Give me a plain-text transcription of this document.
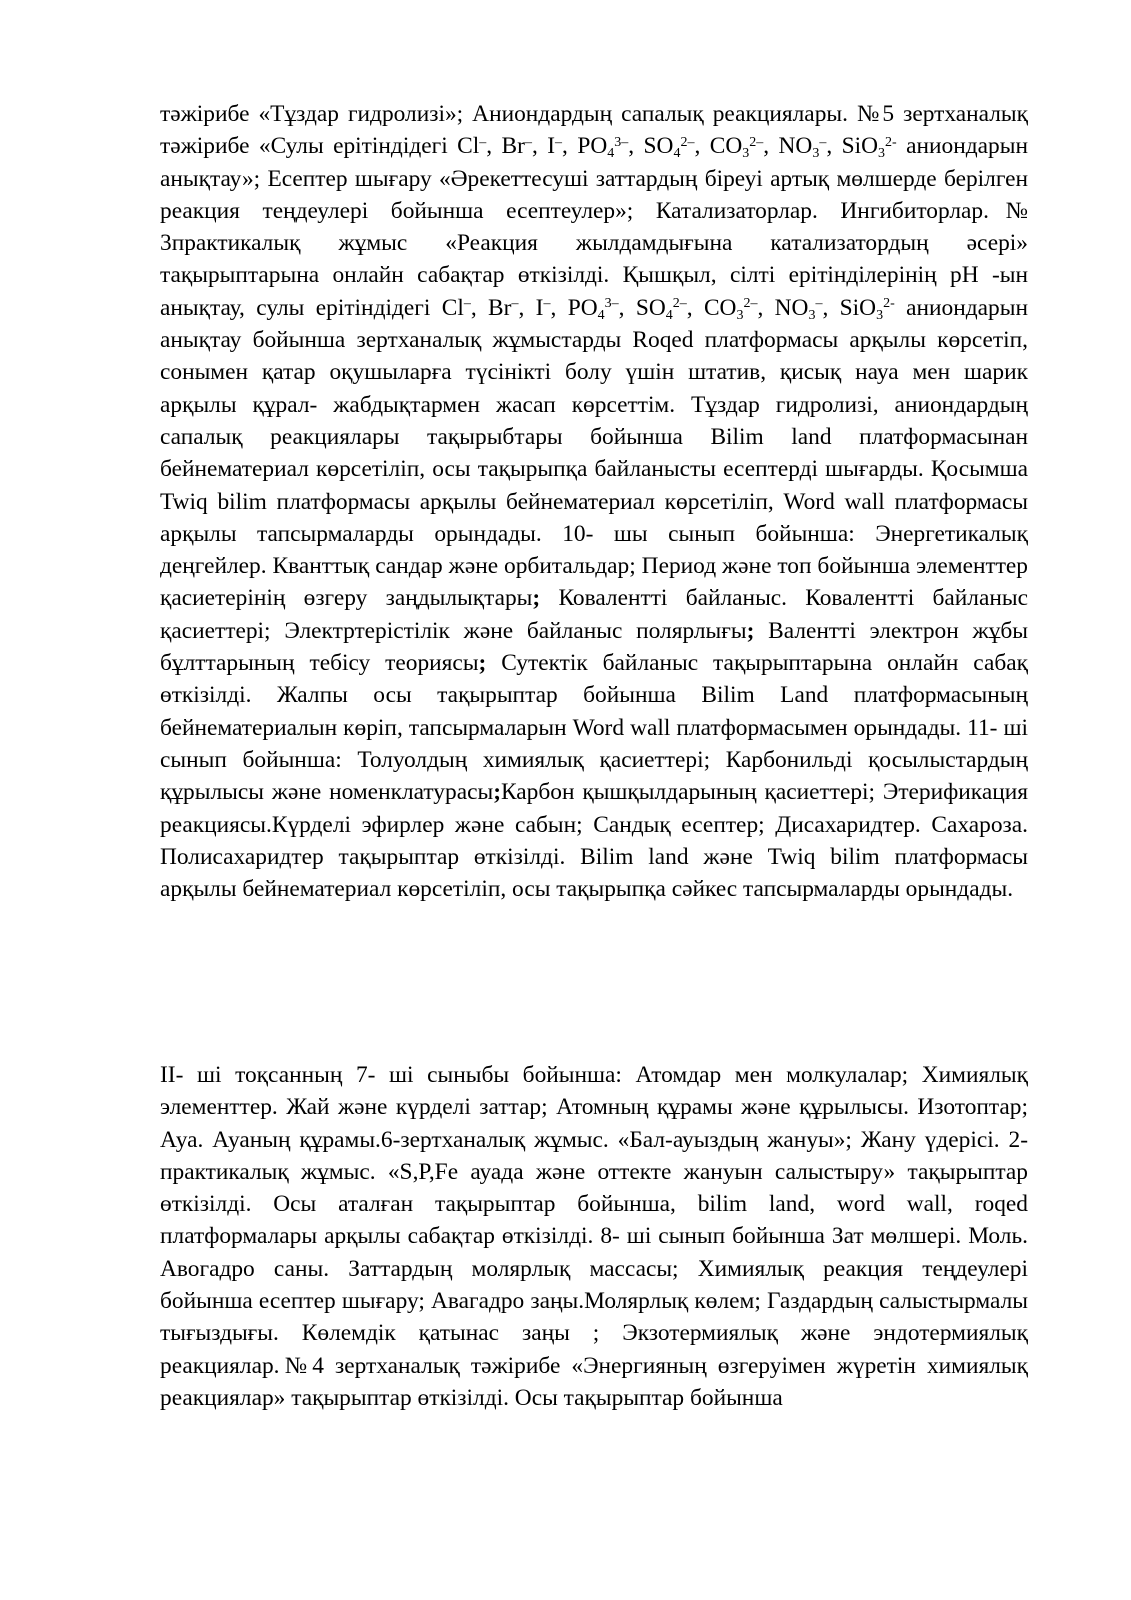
тәжірибе «Тұздар гидролизі»; Аниондардың сапалық реакциялары. №5 зертханалық тәжірибе «Сулы ерітіндідегі Cl–, Br–, I–, $PO_4^{3-}$, $SO_4^{2-}$, $CO_3^{2-}$, $NO_3^-$, SiO$_3^{2-}$ аниондарын анықтау»; Есептер шығару «Әрекеттесуші заттардың біреуі артық мөлшерде берілген реакция теңдеулері бойынша есептеулер»; Катализаторлар. Ингибиторлар.№ 3практикалық жұмыс «Реакция жылдамдығына катализатордың әсері» тақырыптарына онлайн сабақтар өткізілді. Қышқыл, сілті ерітінділерінің pH -ын анықтау, сулы ерітіндідегі Cl–, Br–, I–, $PO_4^{3-}$, $SO_4^{2-}$, $CO_3^{2-}$, $NO_3^-$, SiO$_3^{2-}$ аниондарын анықтау бойынша зертханалық жұмыстарды Roqed платформасы арқылы көрсетіп, сонымен қатар оқушыларға түсінікті болу үшін штатив, қисық науа мен шарик арқылы құрал- жабдықтармен жасап көрсеттім. Тұздар гидролизі, аниондардың сапалық реакциялары тақырыбтары бойынша Bilim land платформасынан бейнематериал көрсетіліп, осы тақырыпқа байланысты есептерді шығарды. Қосымша Twiq bilim платформасы арқылы бейнематериал көрсетіліп, Word wall платформасы арқылы тапсырмаларды орындады. 10- шы сынып бойынша: Энергетикалық деңгейлер. Кванттық сандар және орбитальдар; Период және топ бойынша элементтер қасиетерінің өзгеру заңдылықтары; Ковалентті байланыс. Ковалентті байланыс қасиеттері; Электртерістілік және байланыс полярлығы; Валентті электрон жұбы бұлттарының тебісу теориясы; Сутектік байланыс тақырыптарына онлайн сабақ өткізілді. Жалпы осы тақырыптар бойынша Bilim Land платформасының бейнематериалын көріп, тапсырмаларын Word wall платформасымен орындады. 11- ші сынып бойынша: Толуолдың химиялық қасиеттері; Карбонильді қосылыстардың құрылысы және номенклатурасы;Карбон қышқылдарының қасиеттері; Этерификация реакциясы.Күрделі эфирлер және сабын; Сандық есептер; Дисахаридтер. Сахароза. Полисахаридтер тақырыптар өткізілді. Bilim land және Twiq bilim платформасы арқылы бейнематериал көрсетіліп, осы тақырыпқа сәйкес тапсырмаларды орындады.

ІІ- ші тоқсанның 7- ші сыныбы бойынша: Атомдар мен молкулалар; Химиялық элементтер. Жай және күрделі заттар; Атомның құрамы және құрылысы. Изотоптар; Ауа. Ауаның құрамы.6-зертханалық жұмыс. «Бал-ауыздың жануы»; Жану үдерісі. 2-практикалық жұмыс. «S,P,Fe ауада және оттекте жануын салыстыру» тақырыптар өткізілді. Осы аталған тақырыптар бойынша, bilim land, word wall, roqed платформалары арқылы сабақтар өткізілді. 8- ші сынып бойынша Зат мөлшері. Моль. Авогадро саны. Заттардың молярлық массасы; Химиялық реакция теңдеулері бойынша есептер шығару; Авагадро заңы.Молярлық көлем; Газдардың салыстырмалы тығыздығы. Көлемдік қатынас заңы ; Экзотермиялық және эндотермиялық реакциялар.№4 зертханалық тәжірибе «Энергияның өзгеруімен жүретін химиялық реакциялар» тақырыптар өткізілді. Осы тақырыптар бойынша
